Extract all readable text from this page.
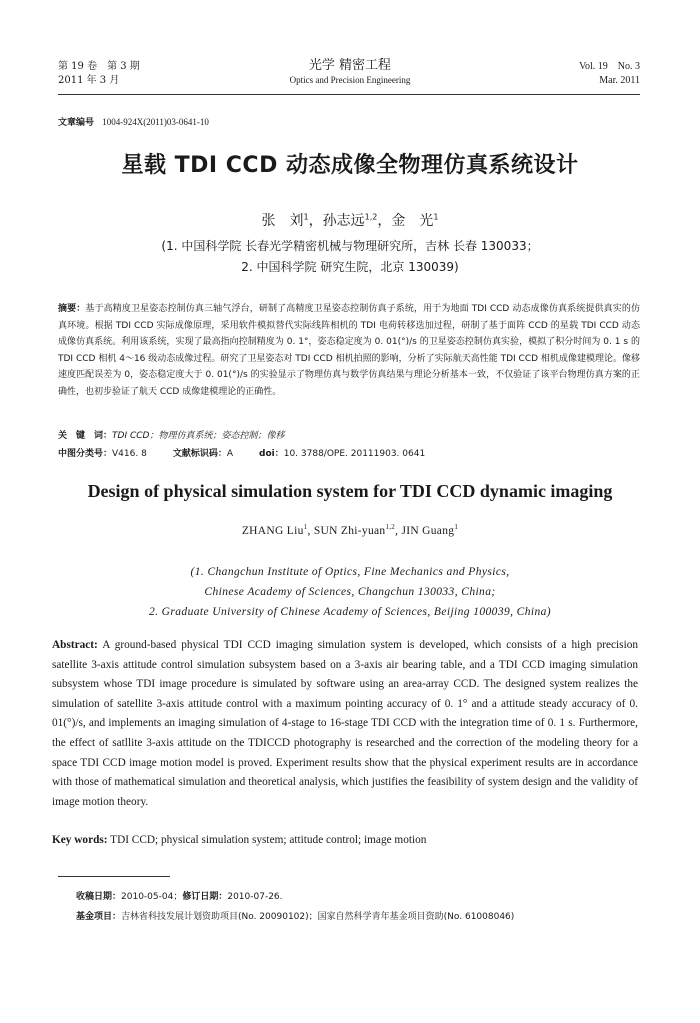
第 19 卷　第 3 期
2011 年 3 月
光学 精密工程
Optics and Precision Engineering
Vol. 19　No. 3
Mar. 2011
文章编号 1004-924X(2011)03-0641-10
星载 TDI CCD 动态成像全物理仿真系统设计
张　刘$^1$，孙志远$^{1,2}$，金　光$^1$
(1. 中国科学院 长春光学精密机械与物理研究所，吉林 长春 130033；
2. 中国科学院 研究生院，北京 130039)
摘要：基于高精度卫星姿态控制仿真三轴气浮台，研制了高精度卫星姿态控制仿真子系统，用于为地面 TDI CCD 动态成像仿真系统提供真实的仿真环境。根据 TDI CCD 实际成像原理，采用软件模拟替代实际线阵相机的 TDI 电荷转移迭加过程，研制了基于面阵 CCD 的星载 TDI CCD 动态成像仿真系统。利用该系统，实现了最高指向控制精度为 0. 1°，姿态稳定度为 0. 01(°)/s 的卫星姿态控制仿真实验，模拟了积分时间为 0. 1 s 的 TDI CCD 相机 4～16 级动态成像过程。研究了卫星姿态对 TDI CCD 相机拍照的影响，分析了实际航天高性能 TDI CCD 相机成像建模理论。像移速度匹配误差为 0，姿态稳定度大于 0. 01(°)/s 的实验显示了物理仿真与数学仿真结果与理论分析基本一致，不仅验证了该平台物理仿真方案的正确性，也初步验证了航天 CCD 成像建模理论的正确性。
关　键　词：TDI CCD；物理仿真系统；姿态控制；像移
中图分类号：V416. 8	文献标识码：A	doi：10. 3788/OPE. 20111903. 0641
Design of physical simulation system for TDI CCD dynamic imaging
ZHANG Liu$^1$, SUN Zhi-yuan$^{1,2}$, JIN Guang$^1$
(1. Changchun Institute of Optics, Fine Mechanics and Physics,
Chinese Academy of Sciences, Changchun 130033, China;
2. Graduate University of Chinese Academy of Sciences, Beijing 100039, China)
Abstract: A ground-based physical TDI CCD imaging simulation system is developed, which consists of a high precision satellite 3-axis attitude control simulation subsystem based on a 3-axis air bearing table, and a TDI CCD imaging simulation subsystem whose TDI image procedure is simulated by software using an area-array CCD. The designed system realizes the simulation of satellite 3-axis attitude control with a maximum pointing accuracy of 0. 1° and a attitude steady accuracy of 0. 01(°)/s, and implements an imaging simulation of 4-stage to 16-stage TDI CCD with the integration time of 0. 1 s. Furthermore, the effect of satllite 3-axis attitude on the TDICCD photography is researched and the correction of the modeling theory for a space TDI CCD image motion model is proved. Experiment results show that the physical experiment results are in accordance with those of mathematical simulation and theoretical analysis, which justifies the feasibility of system design and the validity of image motion theory.
Key words: TDI CCD; physical simulation system; attitude control; image motion
收稿日期：2010-05-04；修订日期：2010-07-26.
基金项目：吉林省科技发展计划资助项目(No. 20090102)；国家自然科学青年基金项目资助(No. 61008046)
